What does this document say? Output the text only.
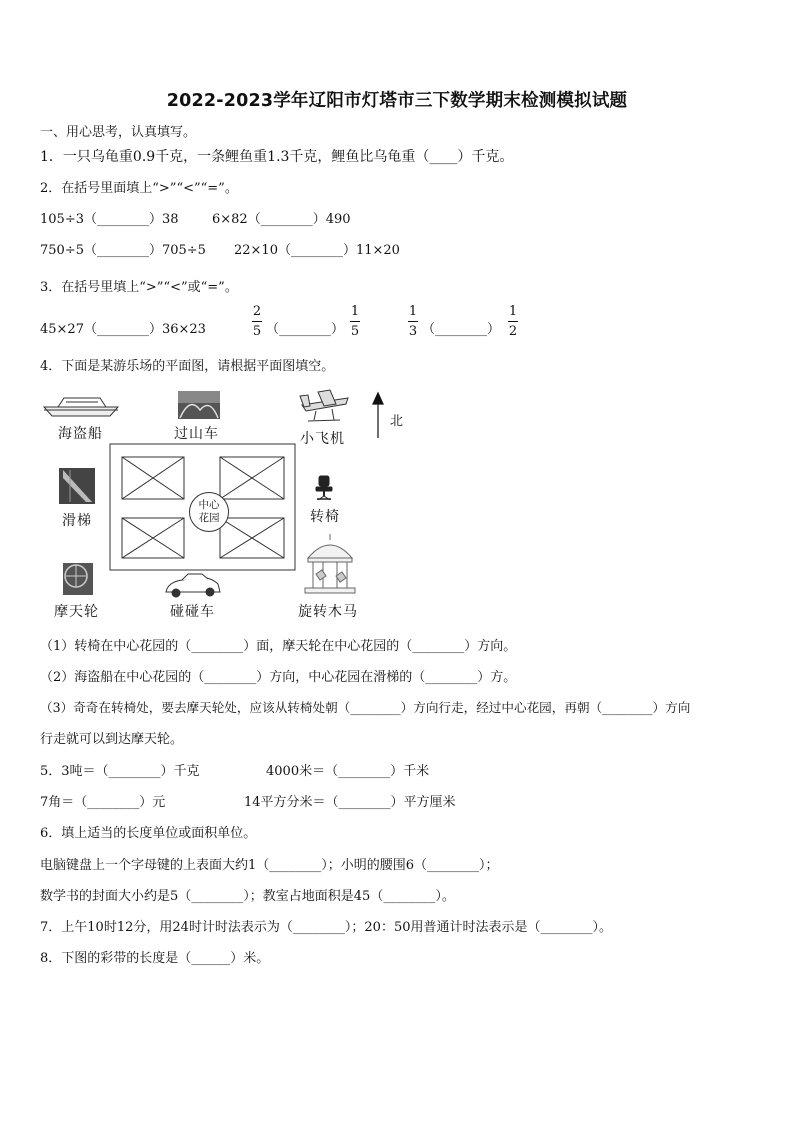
2022-2023学年辽阳市灯塔市三下数学期末检测模拟试题
一、用心思考，认真填写。
1．一只乌龟重0.9千克，一条鲤鱼重1.3千克，鲤鱼比乌龟重（____）千克。
2．在括号里面填上“>”“<”“=”。
105÷3（________）38	6×82（________）490
750÷5（________）705÷5 22×10（________）11×20
3．在括号里填上“>”“<”或“=”。
45×27（________）36×23
2
5 （________）
1
5
1
3 （________）
1
2
4．下面是某游乐场的平面图，请根据平面图填空。
中心
花园
海盗船	过山车	小飞机
北
滑梯	转椅
摩天轮	碰碰车	旋转木马
（1）转椅在中心花园的（________）面，摩天轮在中心花园的（________）方向。
（2）海盗船在中心花园的（________）方向，中心花园在滑梯的（________）方。
（3）奇奇在转椅处，要去摩天轮处，应该从转椅处朝（________）方向行走，经过中心花园，再朝（________）方向
行走就可以到达摩天轮。
5．3吨＝（________）千克	4000米＝（________）千米
7角＝（________）元	14平方分米＝（________）平方厘米
6．填上适当的长度单位或面积单位。
电脑键盘上一个字母键的上表面大约1（________）；小明的腰围6（________）；
数学书的封面大小约是5（________）；教室占地面积是45（________）。
7．上午10时12分，用24时计时法表示为（________）；20：50用普通计时法表示是（________）。
8．下图的彩带的长度是（______）米。
